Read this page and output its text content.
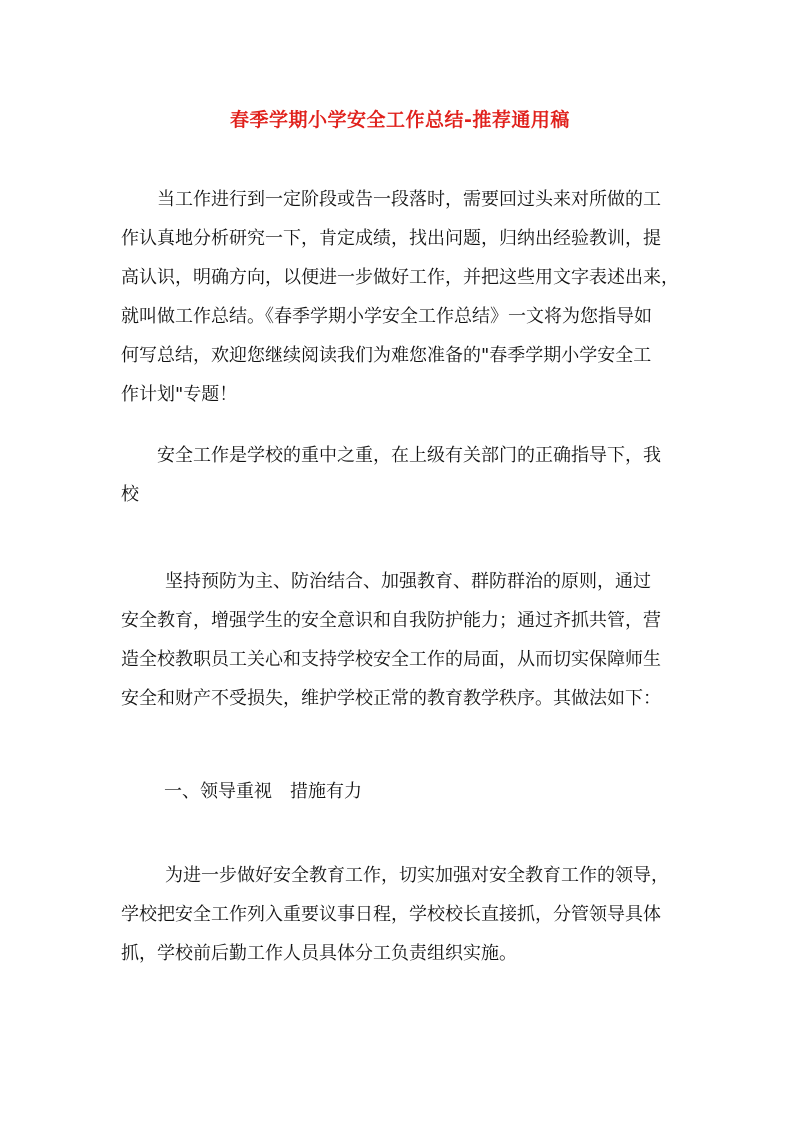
春季学期小学安全工作总结-推荐通用稿
当工作进行到一定阶段或告一段落时，需要回过头来对所做的工
作认真地分析研究一下，肯定成绩，找出问题，归纳出经验教训，提
高认识，明确方向，以便进一步做好工作，并把这些用文字表述出来，
就叫做工作总结。《春季学期小学安全工作总结》一文将为您指导如
何写总结，欢迎您继续阅读我们为难您准备的"春季学期小学安全工
作计划"专题！
安全工作是学校的重中之重，在上级有关部门的正确指导下，我
校
坚持预防为主、防治结合、加强教育、群防群治的原则，通过
安全教育，增强学生的安全意识和自我防护能力；通过齐抓共管，营
造全校教职员工关心和支持学校安全工作的局面，从而切实保障师生
安全和财产不受损失，维护学校正常的教育教学秩序。其做法如下：
一、领导重视　措施有力
为进一步做好安全教育工作，切实加强对安全教育工作的领导，
学校把安全工作列入重要议事日程，学校校长直接抓，分管领导具体
抓，学校前后勤工作人员具体分工负责组织实施。
